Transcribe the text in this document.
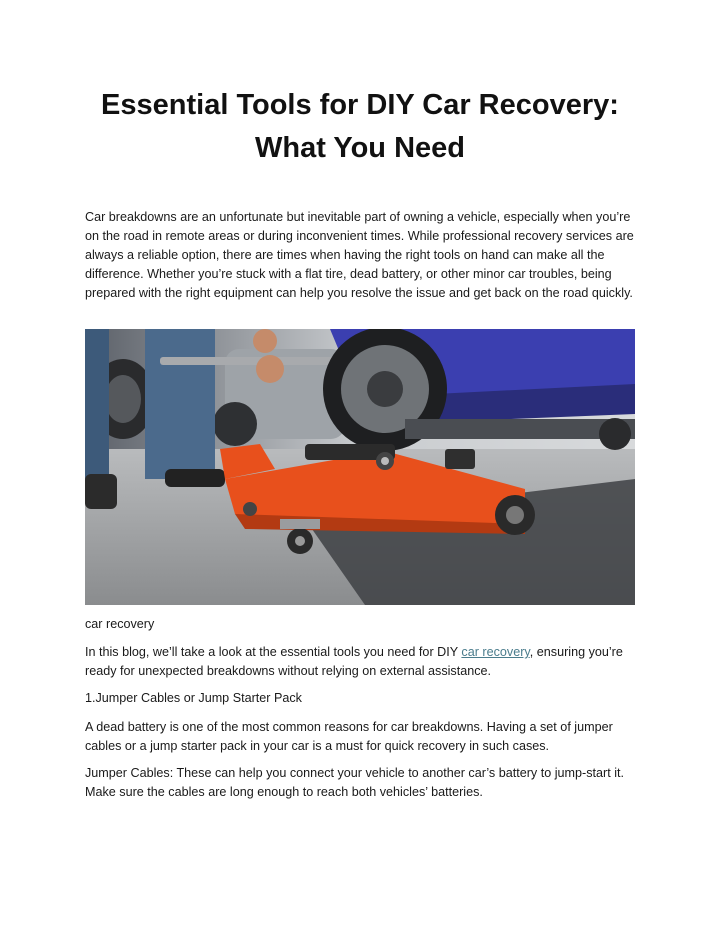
Essential Tools for DIY Car Recovery:
What You Need

Car breakdowns are an unfortunate but inevitable part of owning a vehicle, especially when you’re on the road in remote areas or during inconvenient times. While professional recovery services are always a reliable option, there are times when having the right tools on hand can make all the difference. Whether you’re stuck with a flat tire, dead battery, or other minor car troubles, being prepared with the right equipment can help you resolve the issue and get back on the road quickly.

car recovery

In this blog, we’ll take a look at the essential tools you need for DIY car recovery, ensuring you’re ready for unexpected breakdowns without relying on external assistance.

1.Jumper Cables or Jump Starter Pack

A dead battery is one of the most common reasons for car breakdowns. Having a set of jumper cables or a jump starter pack in your car is a must for quick recovery in such cases.

Jumper Cables: These can help you connect your vehicle to another car’s battery to jump-start it. Make sure the cables are long enough to reach both vehicles’ batteries.
